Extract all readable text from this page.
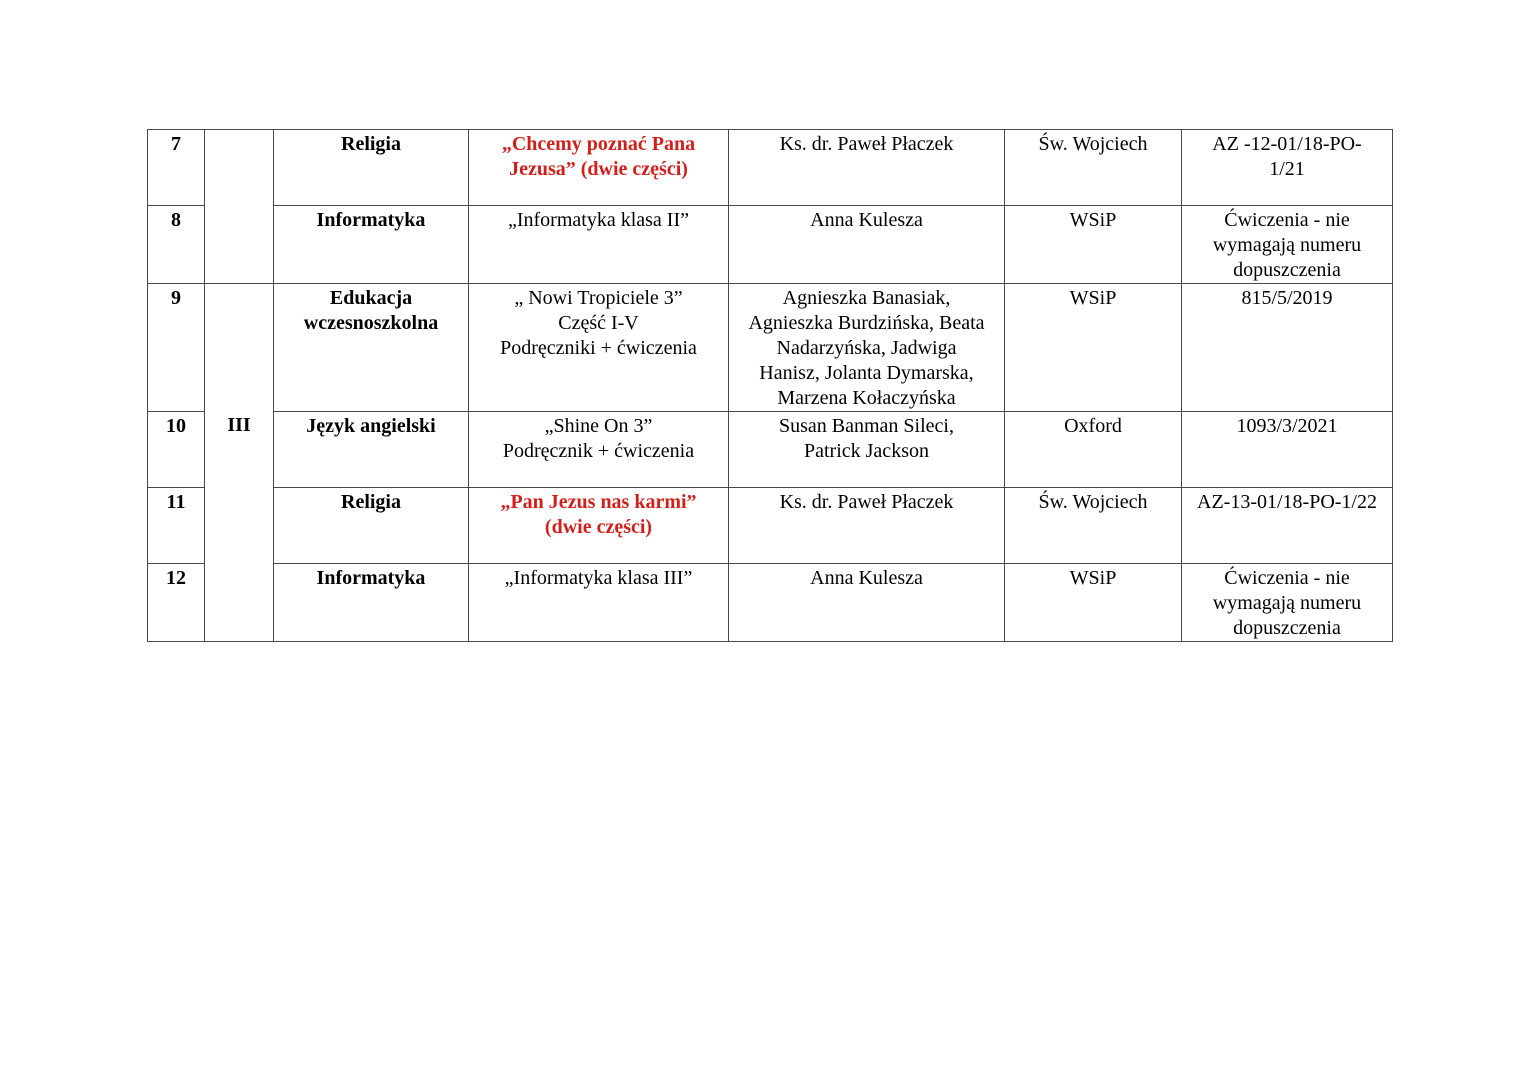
7		Religia	„Chcemy poznać Pana
Jezusa” (dwie części)	Ks. dr. Paweł Płaczek	Św. Wojciech	AZ -12-01/18-PO-
1/21
8		Informatyka	„Informatyka klasa II”	Anna Kulesza	WSiP	Ćwiczenia - nie
wymagają numeru
dopuszczenia
9	III	Edukacja
wczesnoszkolna	„ Nowi Tropiciele 3”
Część I-V
Podręczniki + ćwiczenia	Agnieszka Banasiak,
Agnieszka Burdzińska, Beata
Nadarzyńska, Jadwiga
Hanisz, Jolanta Dymarska,
Marzena Kołaczyńska	WSiP	815/5/2019
10		Język angielski	„Shine On 3”
Podręcznik + ćwiczenia	Susan Banman Sileci,
Patrick Jackson	Oxford	1093/3/2021
11		Religia	„Pan Jezus nas karmi”
(dwie części)	Ks. dr. Paweł Płaczek	Św. Wojciech	AZ-13-01/18-PO-1/22
12		Informatyka	„Informatyka klasa III”	Anna Kulesza	WSiP	Ćwiczenia - nie
wymagają numeru
dopuszczenia
